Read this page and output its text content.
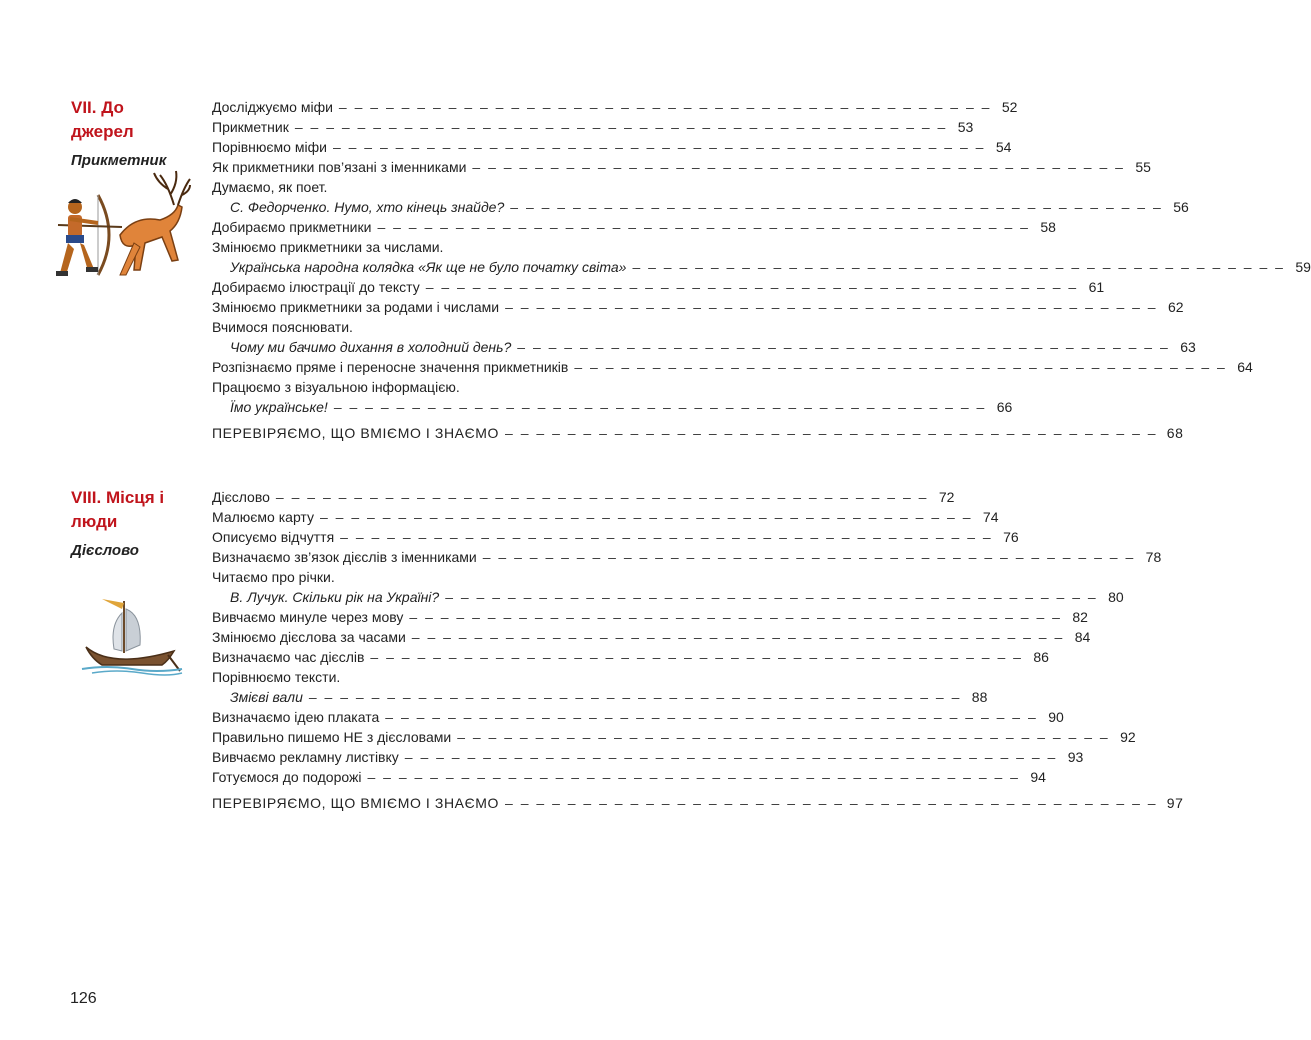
VII. До джерел
Прикметник
Досліджуємо міфи – – – – – – – – – – – – – – – – – – – – – – – – – – – – – – – – – – – – – – – – – – 52
Прикметник – – – – – – – – – – – – – – – – – – – – – – – – – – – – – – – – – – – – – – – – – – 53
Порівнюємо міфи – – – – – – – – – – – – – – – – – – – – – – – – – – – – – – – – – – – – – – – – – – 54
Як прикметники пов’язані з іменниками – – – – – – – – – – – – – – – – – – – – – – – – – – – – – – – – – – – – – – – – – – 55
Думаємо, як поет.
С. Федорченко. Нумо, хто кінець знайде? – – – – – – – – – – – – – – – – – – – – – – – – – – – – – – – – – – – – – – – – – – 56
Добираємо прикметники – – – – – – – – – – – – – – – – – – – – – – – – – – – – – – – – – – – – – – – – – – 58
Змінюємо прикметники за числами.
Українська народна колядка «Як ще не було початку світа» – – – – – – – – – – – – – – – – – – – – – – – – – – – – – – – – – – – – – – – – – – 59
Добираємо ілюстрації до тексту – – – – – – – – – – – – – – – – – – – – – – – – – – – – – – – – – – – – – – – – – – 61
Змінюємо прикметники за родами і числами – – – – – – – – – – – – – – – – – – – – – – – – – – – – – – – – – – – – – – – – – – 62
Вчимося пояснювати.
Чому ми бачимо дихання в холодний день? – – – – – – – – – – – – – – – – – – – – – – – – – – – – – – – – – – – – – – – – – – 63
Розпізнаємо пряме і переносне значення прикметників – – – – – – – – – – – – – – – – – – – – – – – – – – – – – – – – – – – – – – – – – – 64
Працюємо з візуальною інформацією.
Їмо українське! – – – – – – – – – – – – – – – – – – – – – – – – – – – – – – – – – – – – – – – – – – 66
ПЕРЕВІРЯЄМО, ЩО ВМІЄМО І ЗНАЄМО – – – – – – – – – – – – – – – – – – – – – – – – – – – – – – – – – – – – – – – – – – 68
VIII. Місця і люди
Дієслово
Дієслово – – – – – – – – – – – – – – – – – – – – – – – – – – – – – – – – – – – – – – – – – – 72
Малюємо карту – – – – – – – – – – – – – – – – – – – – – – – – – – – – – – – – – – – – – – – – – – 74
Описуємо відчуття – – – – – – – – – – – – – – – – – – – – – – – – – – – – – – – – – – – – – – – – – – 76
Визначаємо зв’язок дієслів з іменниками – – – – – – – – – – – – – – – – – – – – – – – – – – – – – – – – – – – – – – – – – – 78
Читаємо про річки.
В. Лучук. Скільки рік на Україні? – – – – – – – – – – – – – – – – – – – – – – – – – – – – – – – – – – – – – – – – – – 80
Вивчаємо минуле через мову – – – – – – – – – – – – – – – – – – – – – – – – – – – – – – – – – – – – – – – – – – 82
Змінюємо дієслова за часами – – – – – – – – – – – – – – – – – – – – – – – – – – – – – – – – – – – – – – – – – – 84
Визначаємо час дієслів – – – – – – – – – – – – – – – – – – – – – – – – – – – – – – – – – – – – – – – – – – 86
Порівнюємо тексти.
Змієві вали – – – – – – – – – – – – – – – – – – – – – – – – – – – – – – – – – – – – – – – – – – 88
Визначаємо ідею плаката – – – – – – – – – – – – – – – – – – – – – – – – – – – – – – – – – – – – – – – – – – 90
Правильно пишемо НЕ з дієсловами – – – – – – – – – – – – – – – – – – – – – – – – – – – – – – – – – – – – – – – – – – 92
Вивчаємо рекламну листівку – – – – – – – – – – – – – – – – – – – – – – – – – – – – – – – – – – – – – – – – – – 93
Готуємося до подорожі – – – – – – – – – – – – – – – – – – – – – – – – – – – – – – – – – – – – – – – – – – 94
ПЕРЕВІРЯЄМО, ЩО ВМІЄМО І ЗНАЄМО – – – – – – – – – – – – – – – – – – – – – – – – – – – – – – – – – – – – – – – – – – 97
126
